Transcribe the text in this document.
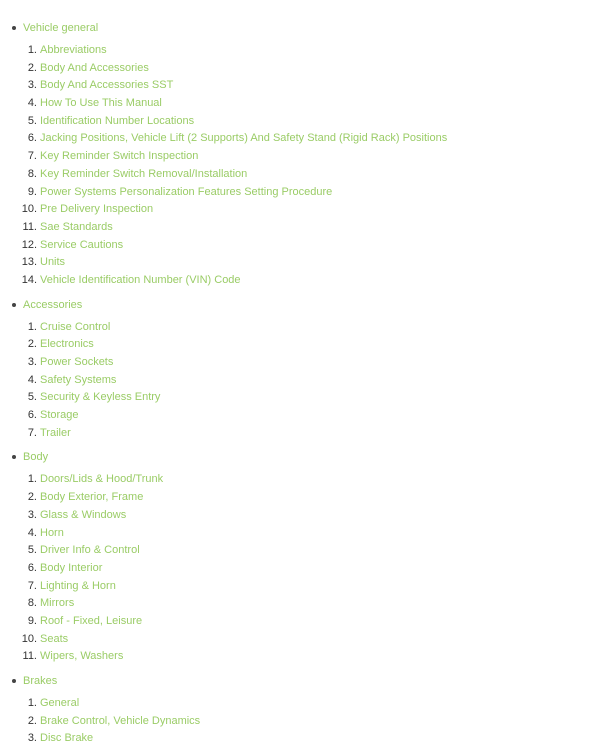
Vehicle general
1. Abbreviations
2. Body And Accessories
3. Body And Accessories SST
4. How To Use This Manual
5. Identification Number Locations
6. Jacking Positions, Vehicle Lift (2 Supports) And Safety Stand (Rigid Rack) Positions
7. Key Reminder Switch Inspection
8. Key Reminder Switch Removal/Installation
9. Power Systems Personalization Features Setting Procedure
10. Pre Delivery Inspection
11. Sae Standards
12. Service Cautions
13. Units
14. Vehicle Identification Number (VIN) Code
Accessories
1. Cruise Control
2. Electronics
3. Power Sockets
4. Safety Systems
5. Security & Keyless Entry
6. Storage
7. Trailer
Body
1. Doors/Lids & Hood/Trunk
2. Body Exterior, Frame
3. Glass & Windows
4. Horn
5. Driver Info & Control
6. Body Interior
7. Lighting & Horn
8. Mirrors
9. Roof - Fixed, Leisure
10. Seats
11. Wipers, Washers
Brakes
1. General
2. Brake Control, Vehicle Dynamics
3. Disc Brake
